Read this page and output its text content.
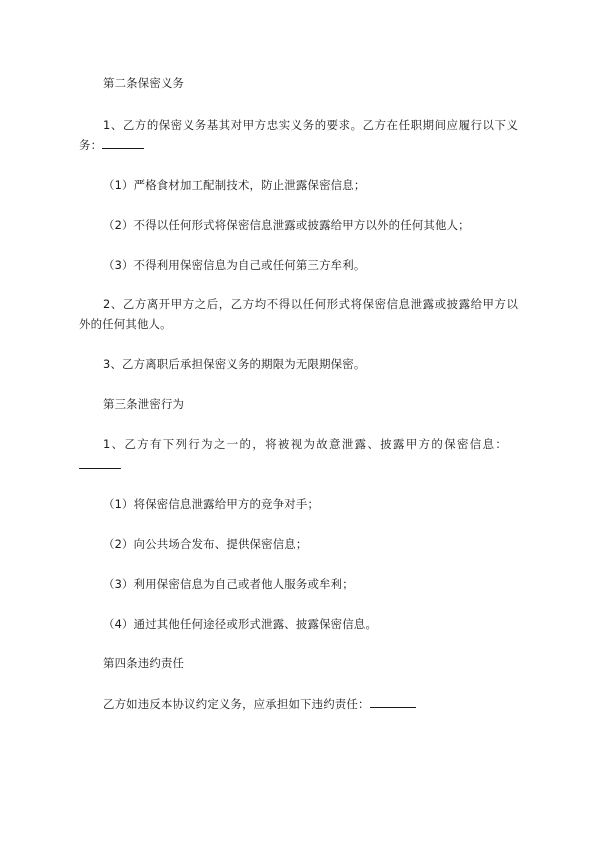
第二条保密义务
1、乙方的保密义务基其对甲方忠实义务的要求。乙方在任职期间应履行以下义
务：
（1）严格食材加工配制技术，防止泄露保密信息；
（2）不得以任何形式将保密信息泄露或披露给甲方以外的任何其他人；
（3）不得利用保密信息为自己或任何第三方牟利。
2、乙方离开甲方之后，乙方均不得以任何形式将保密信息泄露或披露给甲方以
外的任何其他人。
3、乙方离职后承担保密义务的期限为无限期保密。
第三条泄密行为
1、乙方有下列行为之一的，将被视为故意泄露、披露甲方的保密信息：
（1）将保密信息泄露给甲方的竞争对手；
（2）向公共场合发布、提供保密信息；
（3）利用保密信息为自己或者他人服务或牟利；
（4）通过其他任何途径或形式泄露、披露保密信息。
第四条违约责任
乙方如违反本协议约定义务，应承担如下违约责任：
